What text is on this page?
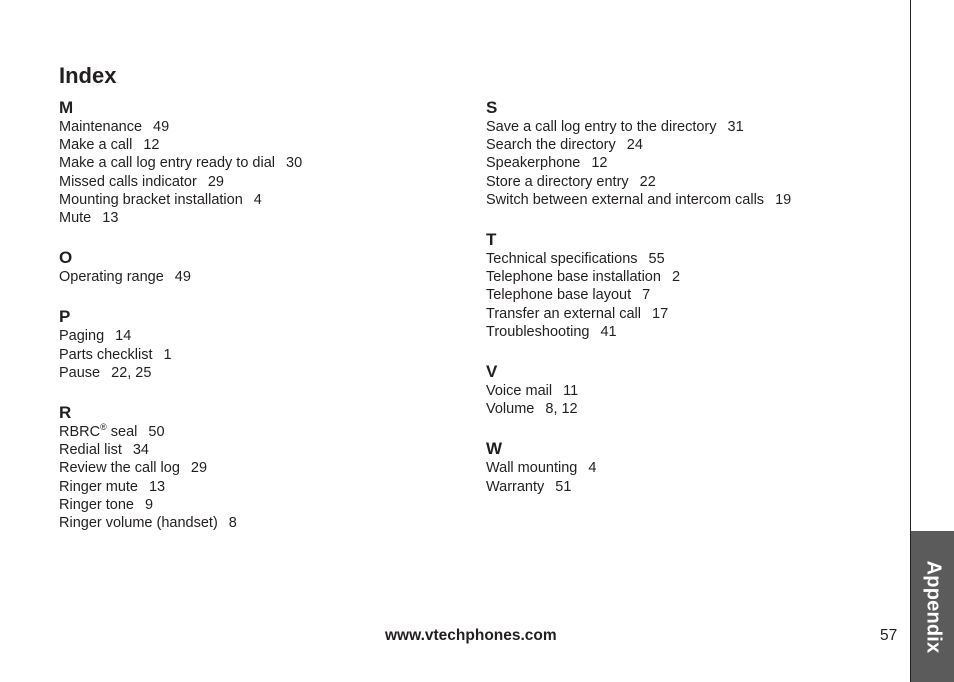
Appendix
Index
M
Maintenance 49
Make a call 12
Make a call log entry ready to dial 30
Missed calls indicator 29
Mounting bracket installation 4
Mute 13
O
Operating range 49
P
Paging 14
Parts checklist 1
Pause 22, 25
R
RBRC® seal 50
Redial list 34
Review the call log 29
Ringer mute 13
Ringer tone 9
Ringer volume (handset) 8
S
Save a call log entry to the directory 31
Search the directory 24
Speakerphone 12
Store a directory entry 22
Switch between external and intercom calls 19
T
Technical specifications 55
Telephone base installation 2
Telephone base layout 7
Transfer an external call 17
Troubleshooting 41
V
Voice mail 11
Volume 8, 12
W
Wall mounting 4
Warranty 51
www.vtechphones.com	57
